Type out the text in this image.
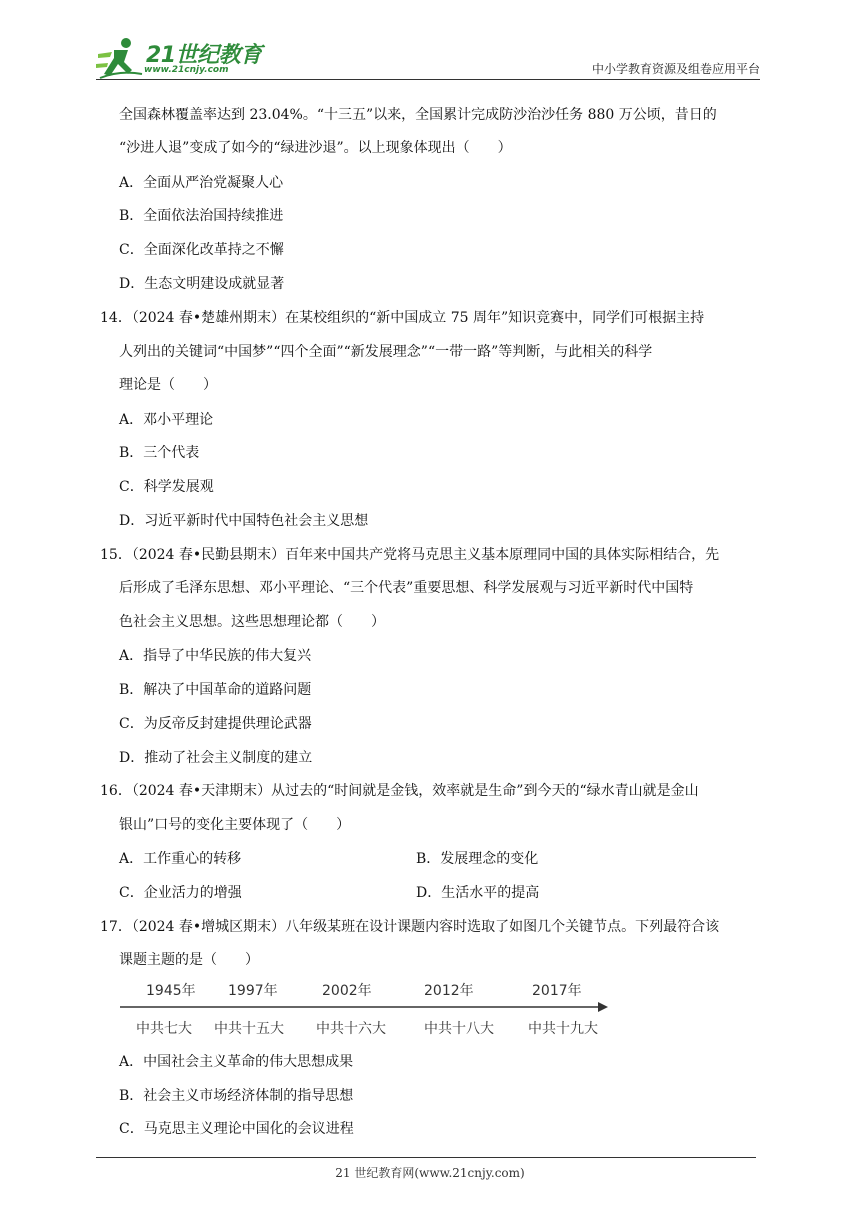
21世纪教育
www.21cnjy.com	中小学教育资源及组卷应用平台
全国森林覆盖率达到 23.04%。“十三五”以来，全国累计完成防沙治沙任务 880 万公顷，昔日的
“沙进人退”变成了如今的“绿进沙退”。以上现象体现出（　　）
A．全面从严治党凝聚人心
B．全面依法治国持续推进
C．全面深化改革持之不懈
D．生态文明建设成就显著
14．（2024 春•楚雄州期末）在某校组织的“新中国成立 75 周年”知识竞赛中，同学们可根据主持
人列出的关键词“中国梦”“四个全面”“新发展理念”“一带一路”等判断，与此相关的科学
理论是（　　）
A．邓小平理论
B．三个代表
C．科学发展观
D．习近平新时代中国特色社会主义思想
15．（2024 春•民勤县期末）百年来中国共产党将马克思主义基本原理同中国的具体实际相结合，先
后形成了毛泽东思想、邓小平理论、“三个代表”重要思想、科学发展观与习近平新时代中国特
色社会主义思想。这些思想理论都（　　）
A．指导了中华民族的伟大复兴
B．解决了中国革命的道路问题
C．为反帝反封建提供理论武器
D．推动了社会主义制度的建立
16．（2024 春•天津期末）从过去的“时间就是金钱，效率就是生命”到今天的“绿水青山就是金山
银山”口号的变化主要体现了（　　）
A．工作重心的转移	B．发展理念的变化
C．企业活力的增强	D．生活水平的提高
17．（2024 春•增城区期末）八年级某班在设计课题内容时选取了如图几个关键节点。下列最符合该
课题主题的是（　　）
1945年 1997年	2002年	2012年	2017年
中共七大 中共十五大 中共十六大	中共十八大 中共十九大
A．中国社会主义革命的伟大思想成果
B．社会主义市场经济体制的指导思想
C．马克思主义理论中国化的会议进程
21 世纪教育网(www.21cnjy.com)
